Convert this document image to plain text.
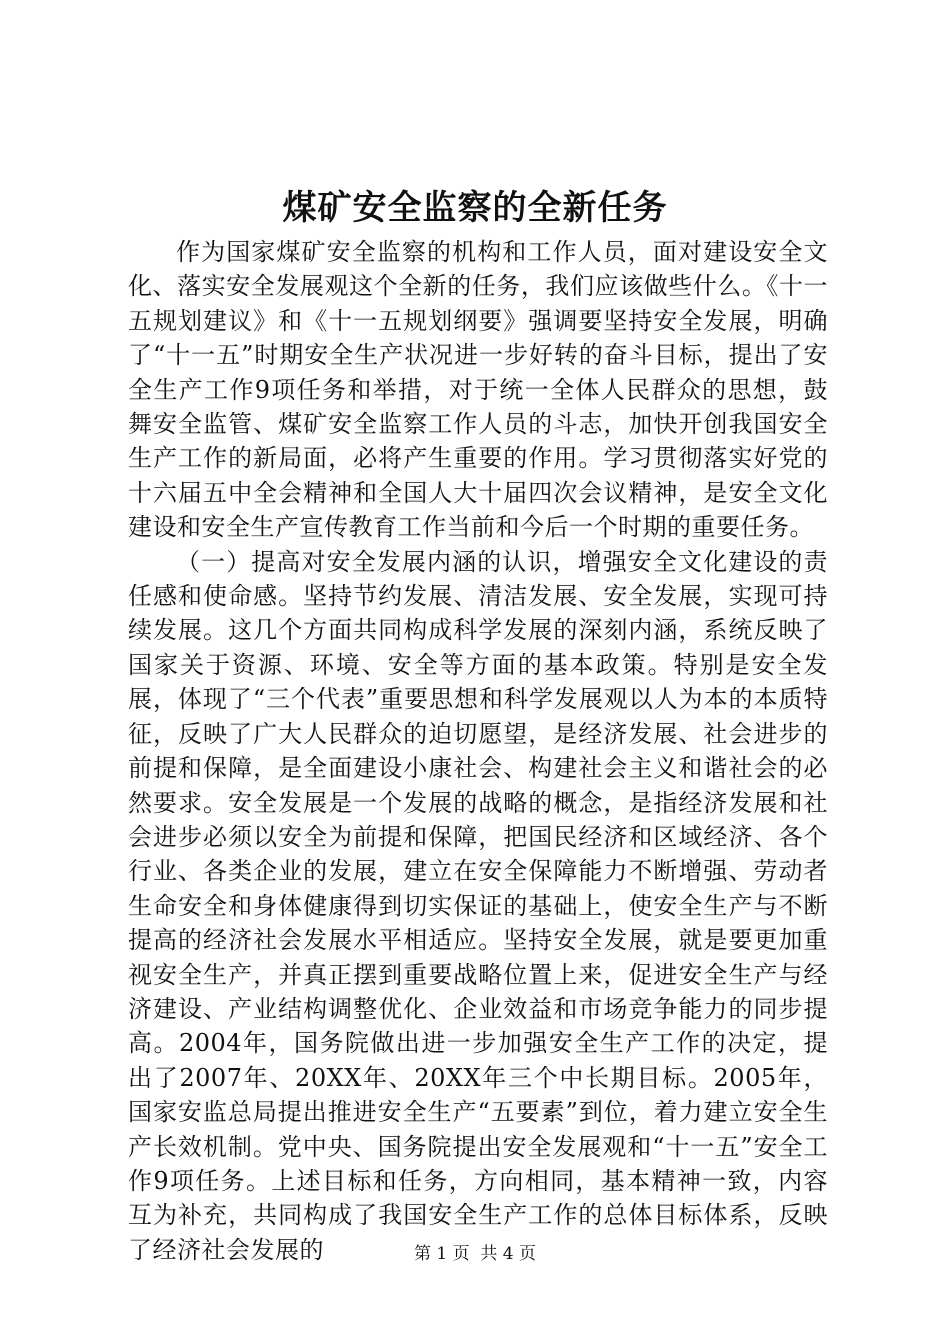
煤矿安全监察的全新任务

作为国家煤矿安全监察的机构和工作人员，面对建设安全文化、落实安全发展观这个全新的任务，我们应该做些什么。《十一五规划建议》和《十一五规划纲要》强调要坚持安全发展，明确了“十一五”时期安全生产状况进一步好转的奋斗目标，提出了安全生产工作9项任务和举措，对于统一全体人民群众的思想，鼓舞安全监管、煤矿安全监察工作人员的斗志，加快开创我国安全生产工作的新局面，必将产生重要的作用。学习贯彻落实好党的十六届五中全会精神和全国人大十届四次会议精神，是安全文化建设和安全生产宣传教育工作当前和今后一个时期的重要任务。

（一）提高对安全发展内涵的认识，增强安全文化建设的责任感和使命感。坚持节约发展、清洁发展、安全发展，实现可持续发展。这几个方面共同构成科学发展的深刻内涵，系统反映了国家关于资源、环境、安全等方面的基本政策。特别是安全发展，体现了“三个代表”重要思想和科学发展观以人为本的本质特征，反映了广大人民群众的迫切愿望，是经济发展、社会进步的前提和保障，是全面建设小康社会、构建社会主义和谐社会的必然要求。安全发展是一个发展的战略的概念，是指经济发展和社会进步必须以安全为前提和保障，把国民经济和区域经济、各个行业、各类企业的发展，建立在安全保障能力不断增强、劳动者生命安全和身体健康得到切实保证的基础上，使安全生产与不断提高的经济社会发展水平相适应。坚持安全发展，就是要更加重视安全生产，并真正摆到重要战略位置上来，促进安全生产与经济建设、产业结构调整优化、企业效益和市场竞争能力的同步提高。2004年，国务院做出进一步加强安全生产工作的决定，提出了2007年、20XX年、20XX年三个中长期目标。2005年，国家安监总局提出推进安全生产“五要素”到位，着力建立安全生产长效机制。党中央、国务院提出安全发展观和“十一五”安全工作9项任务。上述目标和任务，方向相同，基本精神一致，内容互为补充，共同构成了我国安全生产工作的总体目标体系，反映了经济社会发展的	第 1 页  共 4 页
